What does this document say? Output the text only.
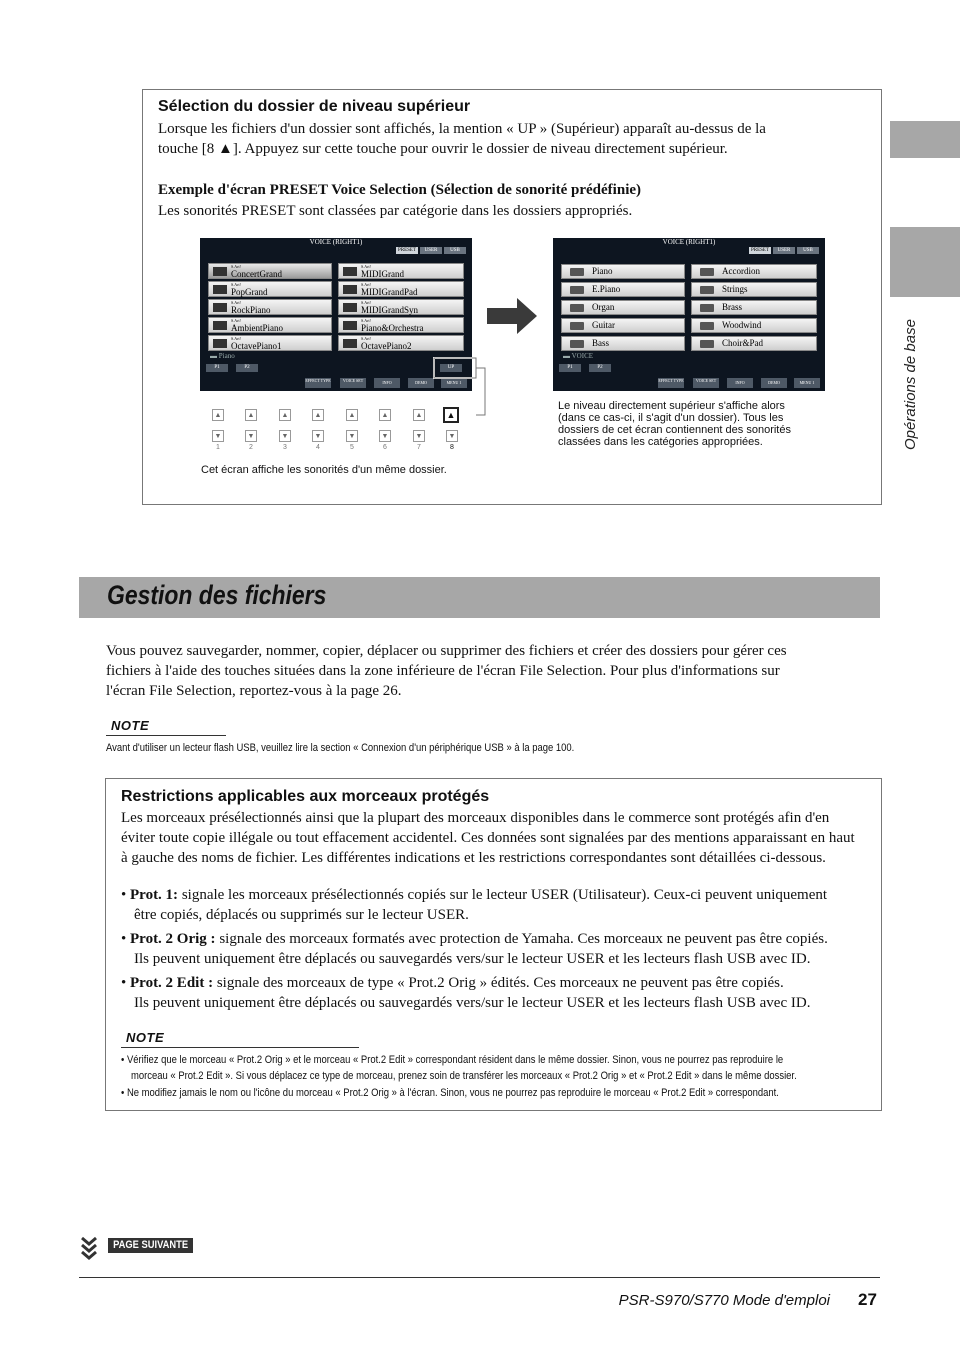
Opérations de base

Sélection du dossier de niveau supérieur

Lorsque les fichiers d'un dossier sont affichés, la mention « UP » (Supérieur) apparaît au-dessus de la

touche [8 ▲]. Appuyez sur cette touche pour ouvrir le dossier de niveau directement supérieur.

Exemple d'écran PRESET Voice Selection (Sélection de sonorité prédéfinie)

Les sonorités PRESET sont classées par catégorie dans les dossiers appropriés.

VOICE (RIGHT1)
PRESET	USER	USB
S.Art!
ConcertGrand
S.Art!
PopGrand
S.Art!
RockPiano
S.Art!
AmbientPiano
S.Art!
OctavePiano1
S.Art!
MIDIGrand
S.Art!
MIDIGrandPad
S.Art!
MIDIGrandSyn
S.Art!
Piano&Orchestra
S.Art!
OctavePiano2
▬ Piano
P1	P2	UP
EFFECT TYPE	VOICE SET	INFO	DEMO	MENU 1
VOICE (RIGHT1)
PRESET	USER	USB
Piano
E.Piano
Organ
Guitar
Bass
Accordion
Strings
Brass
Woodwind
Choir&Pad
▬ VOICE
P1	P2
EFFECT TYPE	VOICE SET	INFO	DEMO	MENU 1
▲	▲	▲	▲	▲	▲	▲	▲
▼	▼	▼	▼	▼	▼	▼	▼
1	2	3	4	5	6	7	8
Cet écran affiche les sonorités d'un même dossier.
Le niveau directement supérieur s'affiche alors
(dans ce cas-ci, il s'agit d'un dossier). Tous les
dossiers de cet écran contiennent des sonorités
classées dans les catégories appropriées.
Gestion des fichiers

Vous pouvez sauvegarder, nommer, copier, déplacer ou supprimer des fichiers et créer des dossiers pour gérer ces

fichiers à l'aide des touches situées dans la zone inférieure de l'écran File Selection. Pour plus d'informations sur

l'écran File Selection, reportez-vous à la page 26.

NOTE
Avant d'utiliser un lecteur flash USB, veuillez lire la section « Connexion d'un périphérique USB » à la page 100.

Restrictions applicables aux morceaux protégés

Les morceaux présélectionnés ainsi que la plupart des morceaux disponibles dans le commerce sont protégés afin d'en

éviter toute copie illégale ou tout effacement accidentel. Ces données sont signalées par des mentions apparaissant en haut

à gauche des noms de fichier. Les différentes indications et les restrictions correspondantes sont détaillées ci-dessous.

• Prot. 1: signale les morceaux présélectionnés copiés sur le lecteur USER (Utilisateur). Ceux-ci peuvent uniquement

être copiés, déplacés ou supprimés sur le lecteur USER.

• Prot. 2 Orig : signale des morceaux formatés avec protection de Yamaha. Ces morceaux ne peuvent pas être copiés.

Ils peuvent uniquement être déplacés ou sauvegardés vers/sur le lecteur USER et les lecteurs flash USB avec ID.

• Prot. 2 Edit : signale des morceaux de type « Prot.2 Orig » édités. Ces morceaux ne peuvent pas être copiés.

Ils peuvent uniquement être déplacés ou sauvegardés vers/sur le lecteur USER et les lecteurs flash USB avec ID.

NOTE
• Vérifiez que le morceau « Prot.2 Orig » et le morceau « Prot.2 Edit » correspondant résident dans le même dossier. Sinon, vous ne pourrez pas reproduire le
morceau « Prot.2 Edit ». Si vous déplacez ce type de morceau, prenez soin de transférer les morceaux « Prot.2 Orig » et « Prot.2 Edit » dans le même dossier.
• Ne modifiez jamais le nom ou l'icône du morceau « Prot.2 Orig » à l'écran. Sinon, vous ne pourrez pas reproduire le morceau « Prot.2 Edit » correspondant.
PAGE SUIVANTE
PSR-S970/S770 Mode d'emploi 27
